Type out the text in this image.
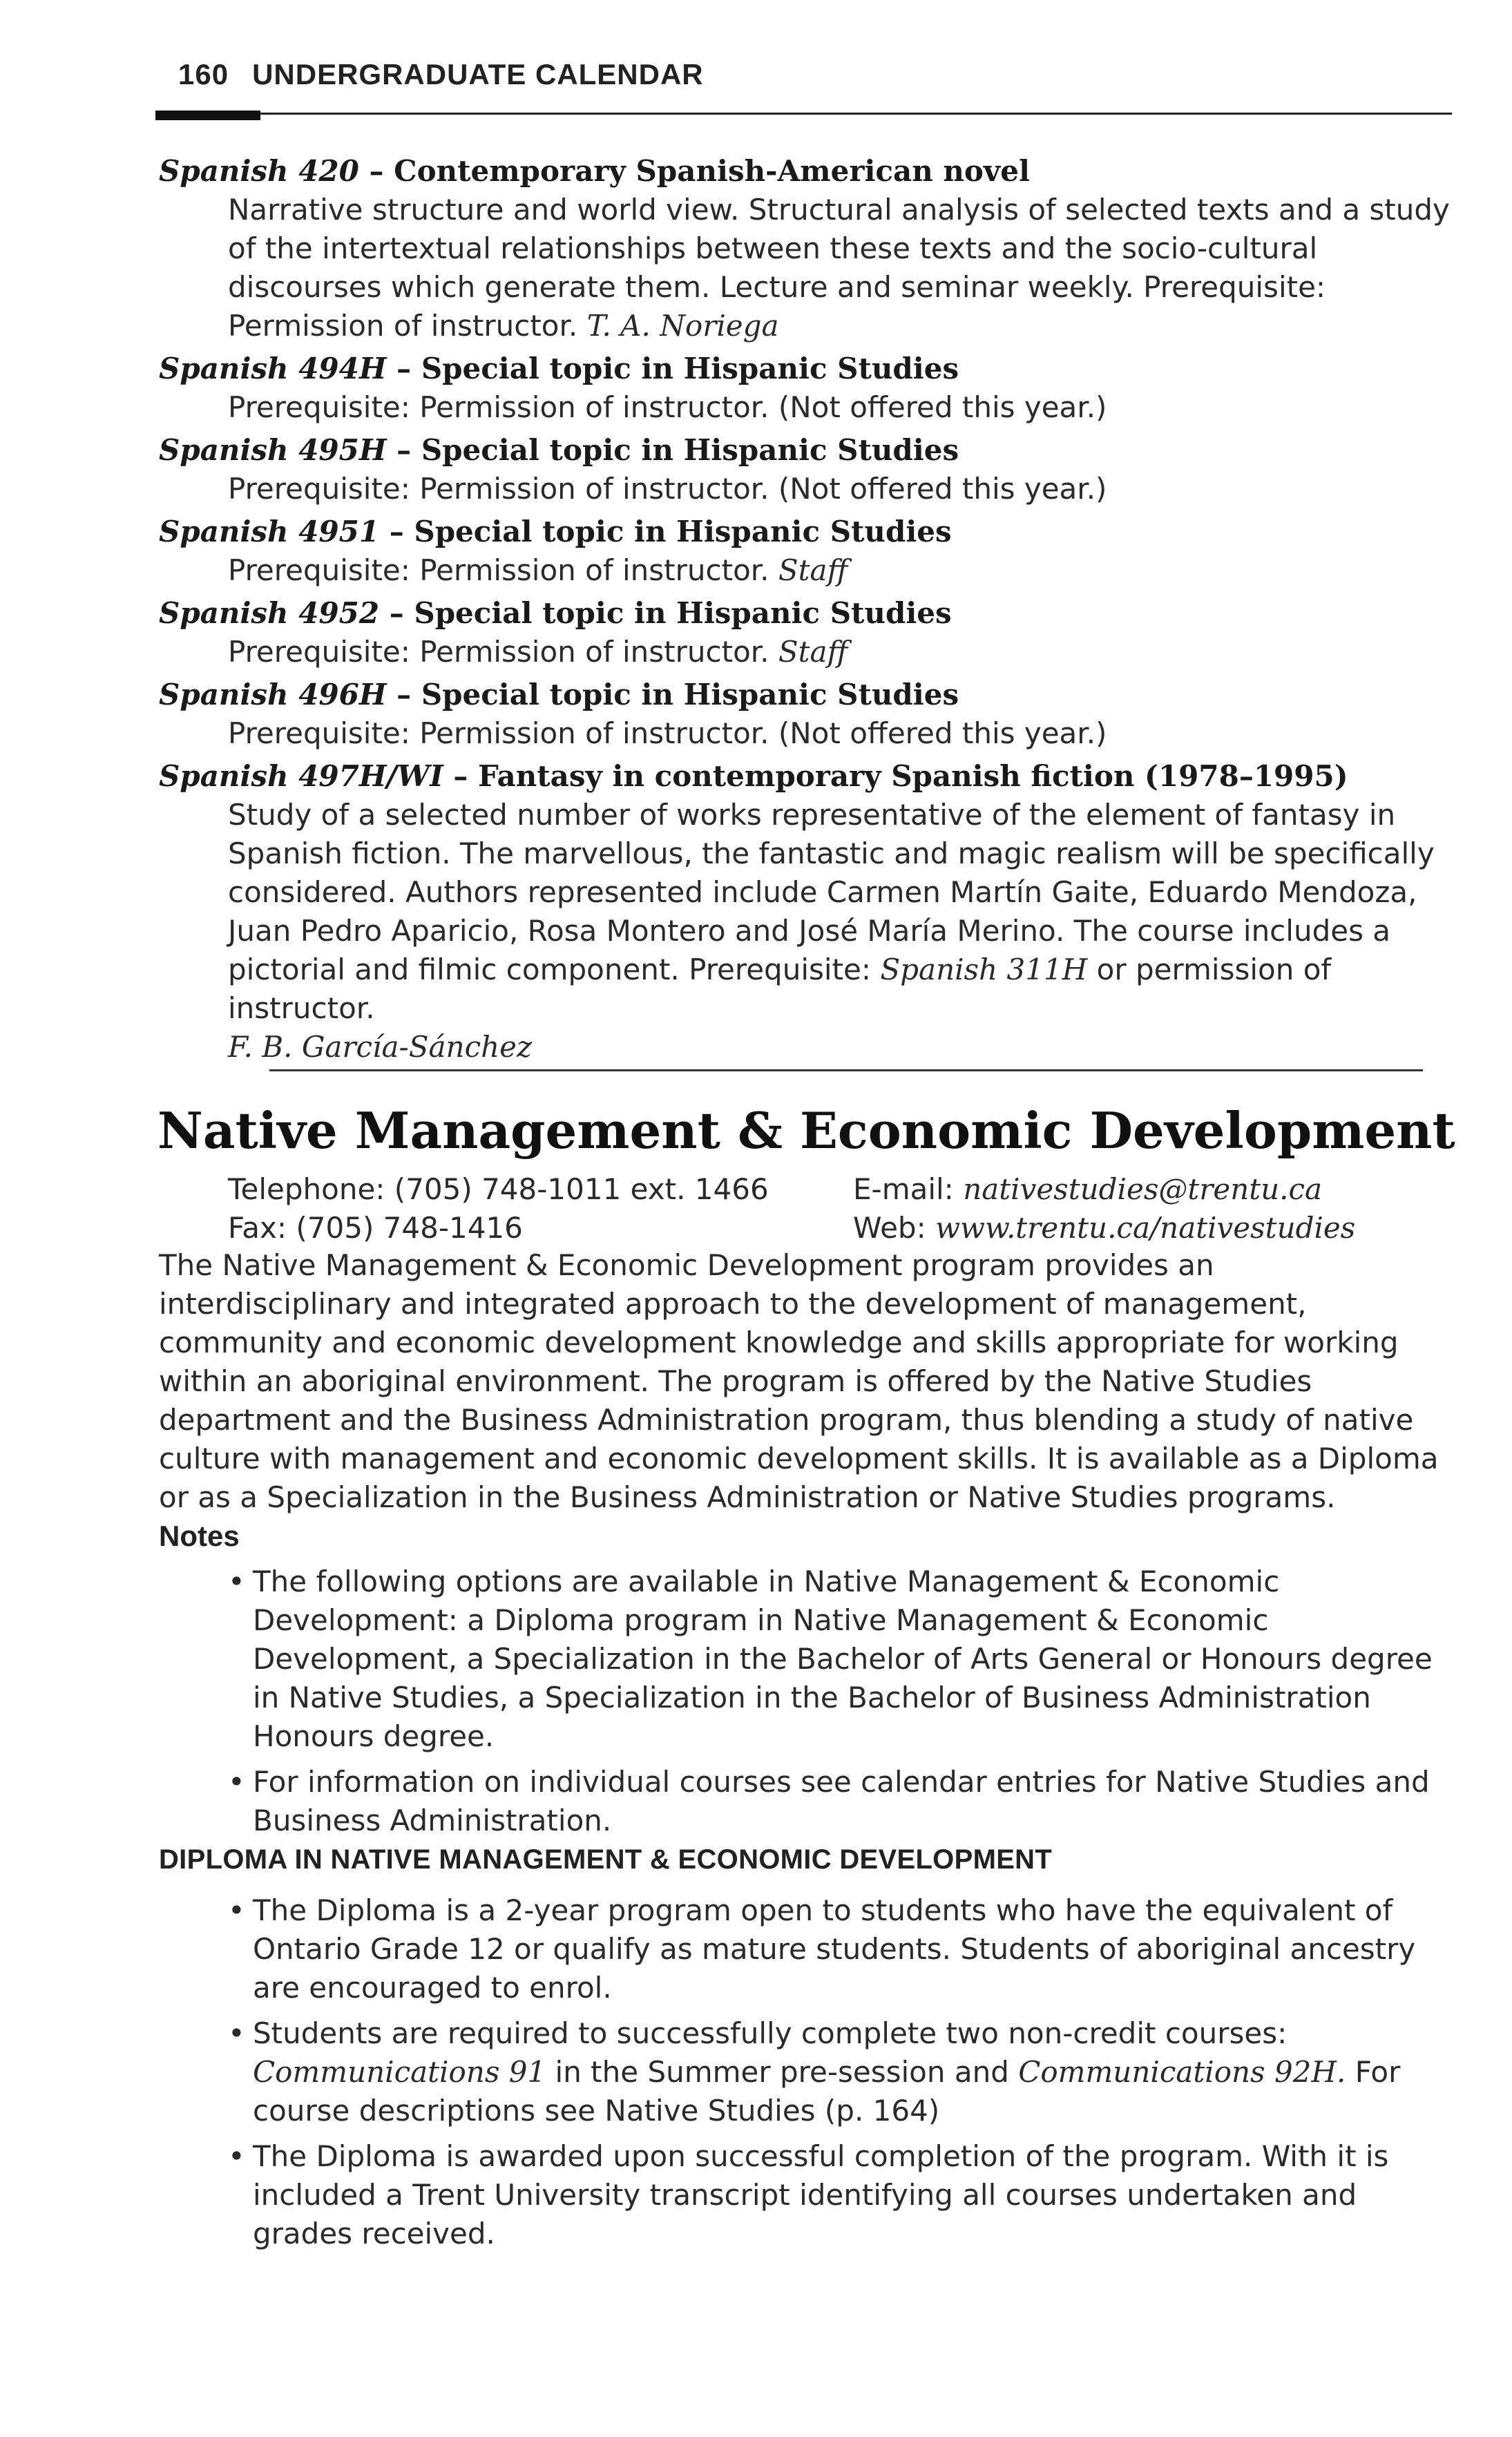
160 UNDERGRADUATE CALENDAR
Spanish 420 – Contemporary Spanish-American novel
Narrative structure and world view. Structural analysis of selected texts and a study of the intertextual relationships between these texts and the socio-cultural discourses which generate them. Lecture and seminar weekly. Prerequisite: Permission of instructor. T. A. Noriega
Spanish 494H – Special topic in Hispanic Studies
Prerequisite: Permission of instructor. (Not offered this year.)
Spanish 495H – Special topic in Hispanic Studies
Prerequisite: Permission of instructor. (Not offered this year.)
Spanish 4951 – Special topic in Hispanic Studies
Prerequisite: Permission of instructor. Staff
Spanish 4952 – Special topic in Hispanic Studies
Prerequisite: Permission of instructor. Staff
Spanish 496H – Special topic in Hispanic Studies
Prerequisite: Permission of instructor. (Not offered this year.)
Spanish 497H/WI – Fantasy in contemporary Spanish fiction (1978–1995)
Study of a selected number of works representative of the element of fantasy in Spanish fiction. The marvellous, the fantastic and magic realism will be specifically considered. Authors represented include Carmen Martín Gaite, Eduardo Mendoza, Juan Pedro Aparicio, Rosa Montero and José María Merino. The course includes a pictorial and filmic component. Prerequisite: Spanish 311H or permission of instructor.
F. B. García-Sánchez
Native Management & Economic Development
Telephone: (705) 748-1011 ext. 1466	E-mail: nativestudies@trentu.ca
Fax: (705) 748-1416	Web: www.trentu.ca/nativestudies
The Native Management & Economic Development program provides an interdisciplinary and integrated approach to the development of management, community and economic development knowledge and skills appropriate for working within an aboriginal environment. The program is offered by the Native Studies department and the Business Administration program, thus blending a study of native culture with management and economic development skills. It is available as a Diploma or as a Specialization in the Business Administration or Native Studies programs.
Notes
• The following options are available in Native Management & Economic Development: a Diploma program in Native Management & Economic Development, a Specialization in the Bachelor of Arts General or Honours degree in Native Studies, a Specialization in the Bachelor of Business Administration Honours degree.
• For information on individual courses see calendar entries for Native Studies and Business Administration.
DIPLOMA IN NATIVE MANAGEMENT & ECONOMIC DEVELOPMENT
• The Diploma is a 2-year program open to students who have the equivalent of Ontario Grade 12 or qualify as mature students. Students of aboriginal ancestry are encouraged to enrol.
• Students are required to successfully complete two non-credit courses: Communications 91 in the Summer pre-session and Communications 92H. For course descriptions see Native Studies (p. 164)
• The Diploma is awarded upon successful completion of the program. With it is included a Trent University transcript identifying all courses undertaken and grades received.
